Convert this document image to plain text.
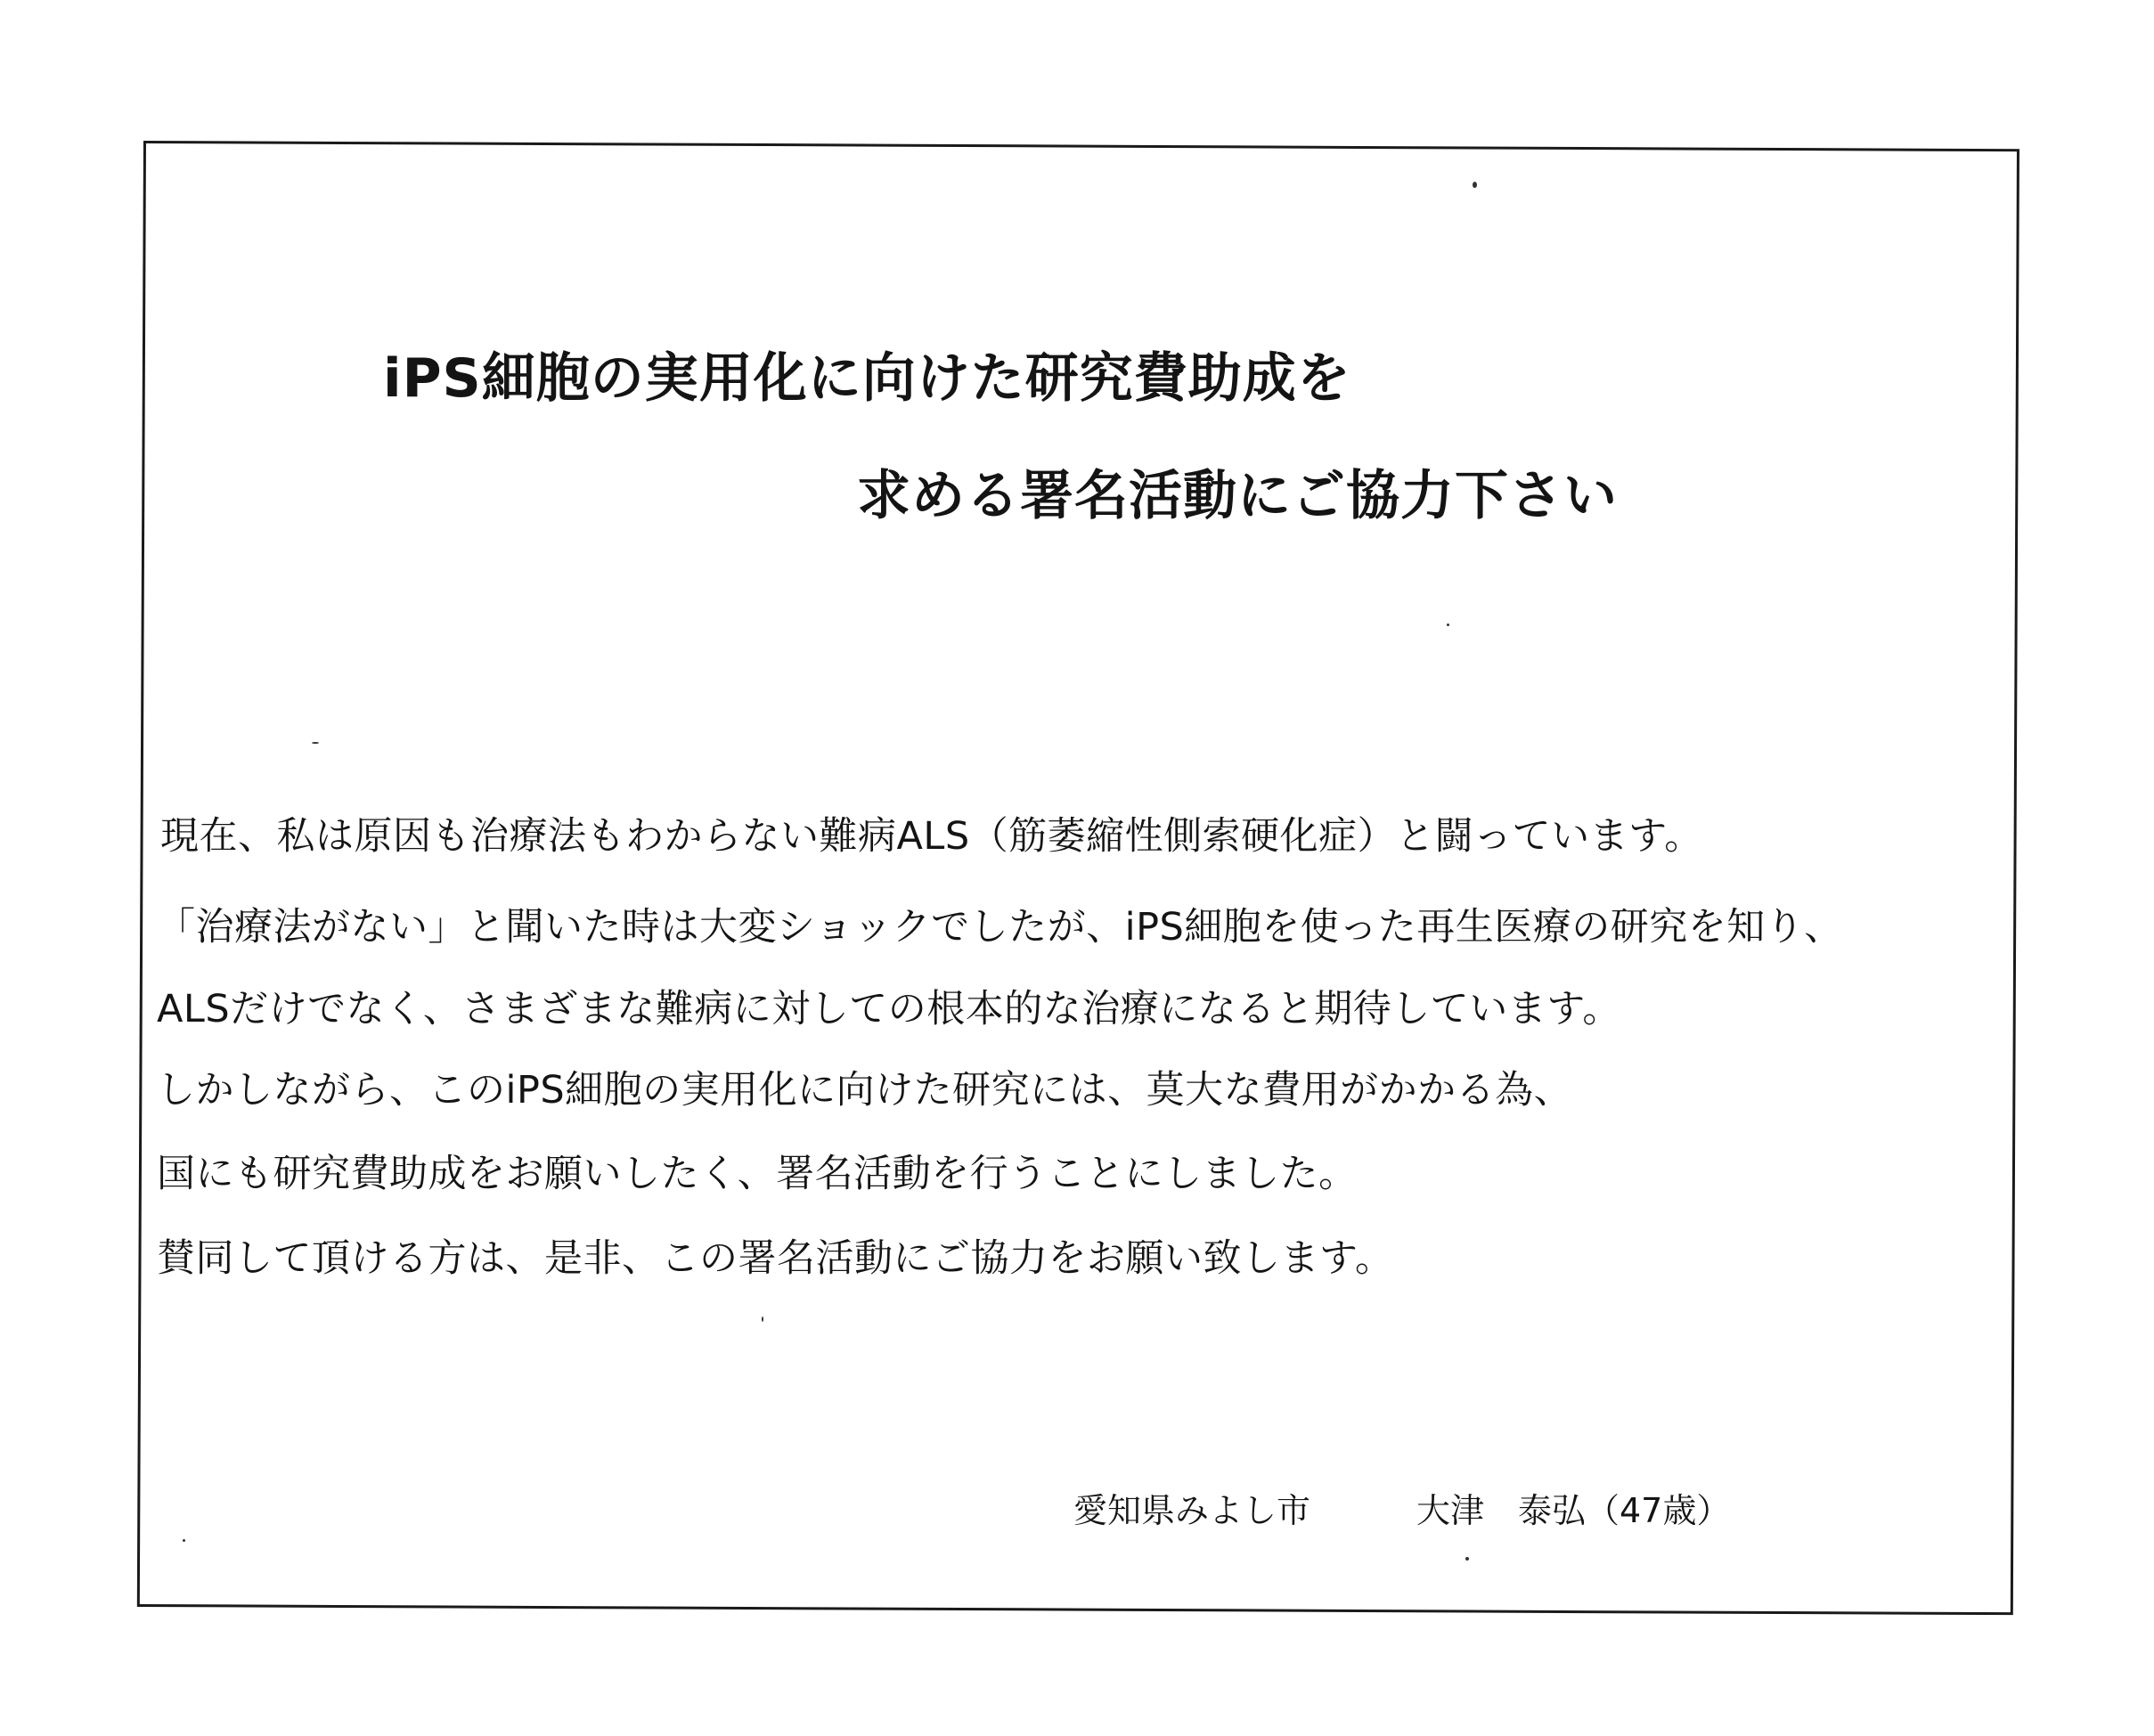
iPS細胞の実用化に向けた研究費助成を
求める署名活動にご協力下さい

現在、私は原因も治療法もわからない難病ALS（筋萎縮性側索硬化症）と闘っています。

「治療法がない」と聞いた時は大変ショックでしたが、iPS細胞を使った再生医療の研究を知り、

ALSだけでなく、さまざまな難病に対しての根本的な治療になると期待しています。

しかしながら、このiPS細胞の実用化に向けた研究には、莫大な費用がかかる為、

国にも研究費助成をお願いしたく、署名活動を行うことにしました。

賛同して頂ける方は、是非、この署名活動にご協力をお願い致します。

愛知県みよし市	大津　泰弘（47歳）
